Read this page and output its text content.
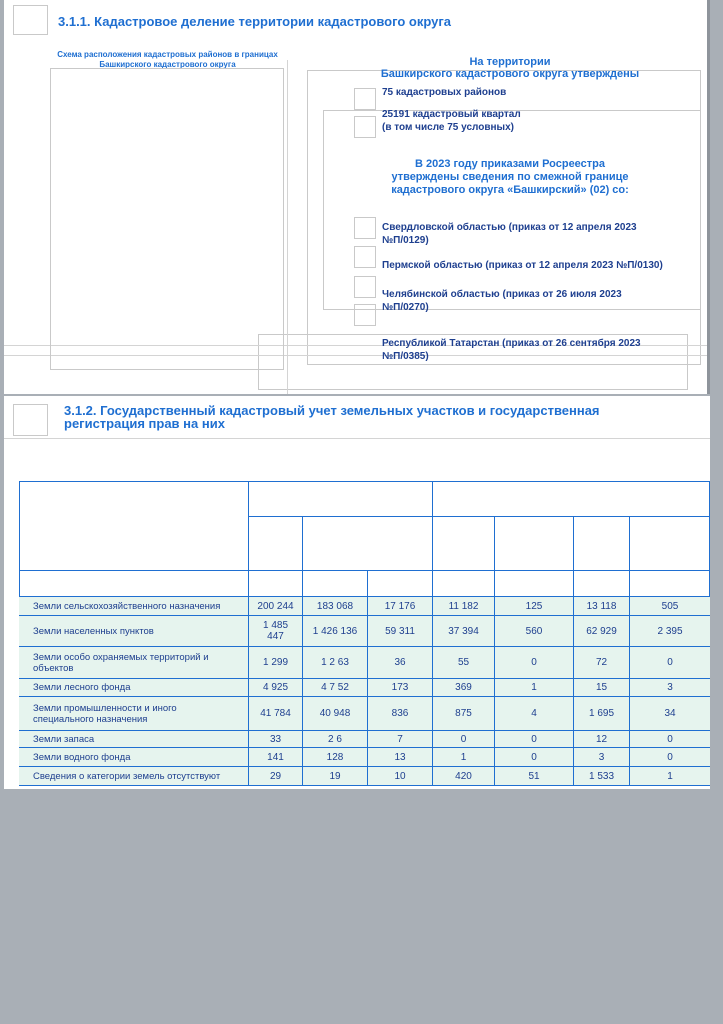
3.1.1. Кадастровое деление территории кадастрового округа
Схема расположения кадастровых районов в границах
Башкирского кадастрового округа	На территории
Башкирского кадастрового округа утверждены
75 кадастровых районов
25191 кадастровый квартал
(в том числе 75 условных)
В 2023 году приказами Росреестра
утверждены сведения по смежной границе
кадастрового округа «Башкирский» (02) со:
Свердловской областью (приказ от 12 апреля 2023
№П/0129)
Пермской областью (приказ от 12 апреля 2023 №П/0130)
Челябинской областью (приказ от 26 июля 2023
№П/0270)
Республикой Татарстан (приказ от 26 сентября 2023
№П/0385)
3.1.2. Государственный кадастровый учет земельных участков и государственная
регистрация прав на них
Земли сельскохозяйственного назначения	200 244	183 068	17 176	11 182	125	13 118	505
Земли населенных пунктов	1 485
447	1 426 136	59 311	37 394	560	62 929	2 395
Земли особо охраняемых территорий и
объектов	1 299	1 2 63	36	55	0	72	0
Земли лесного фонда	4 925	4 7 52	173	369	1	15	3
Земли промышленности и иного
специального назначения	41 784	40 948	836	875	4	1 695	34
Земли запаса	33	2 6	7	0	0	12	0
Земли водного фонда	141	128	13	1	0	3	0
Сведения о категории земель отсутствуют	29	19	10	420	51	1 533	1
